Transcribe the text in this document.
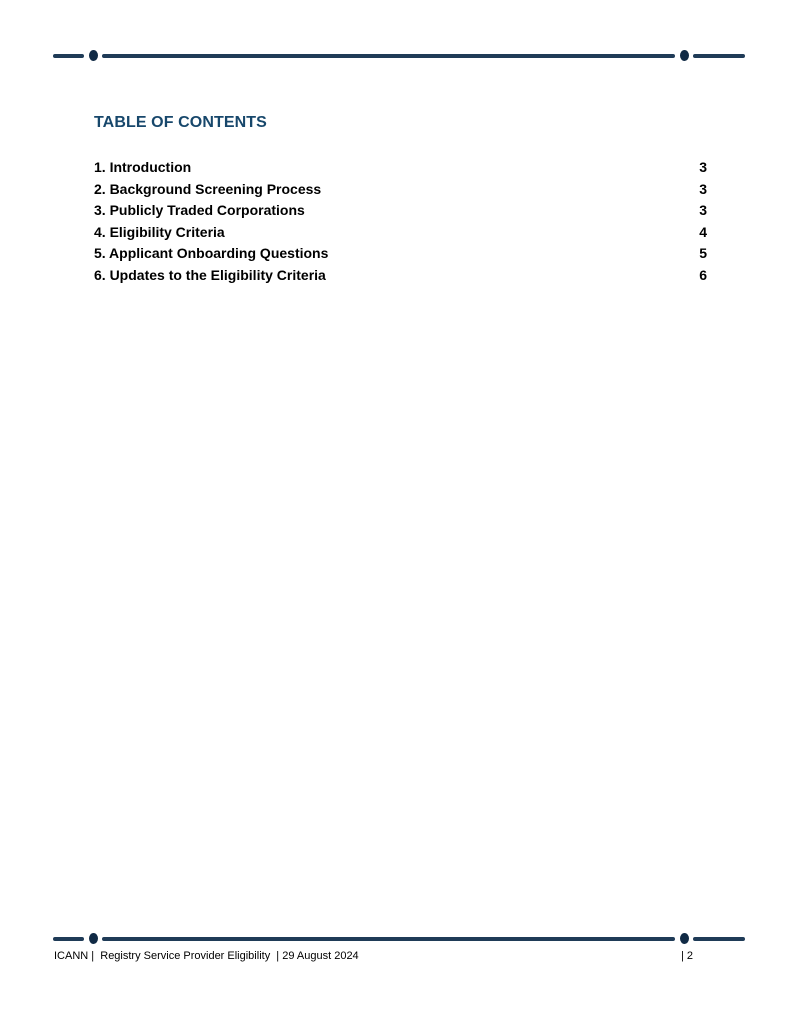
TABLE OF CONTENTS
1. Introduction	3
2. Background Screening Process	3
3. Publicly Traded Corporations	3
4. Eligibility Criteria	4
5. Applicant Onboarding Questions	5
6. Updates to the Eligibility Criteria	6
ICANN |  Registry Service Provider Eligibility  | 29 August 2024	| 2
